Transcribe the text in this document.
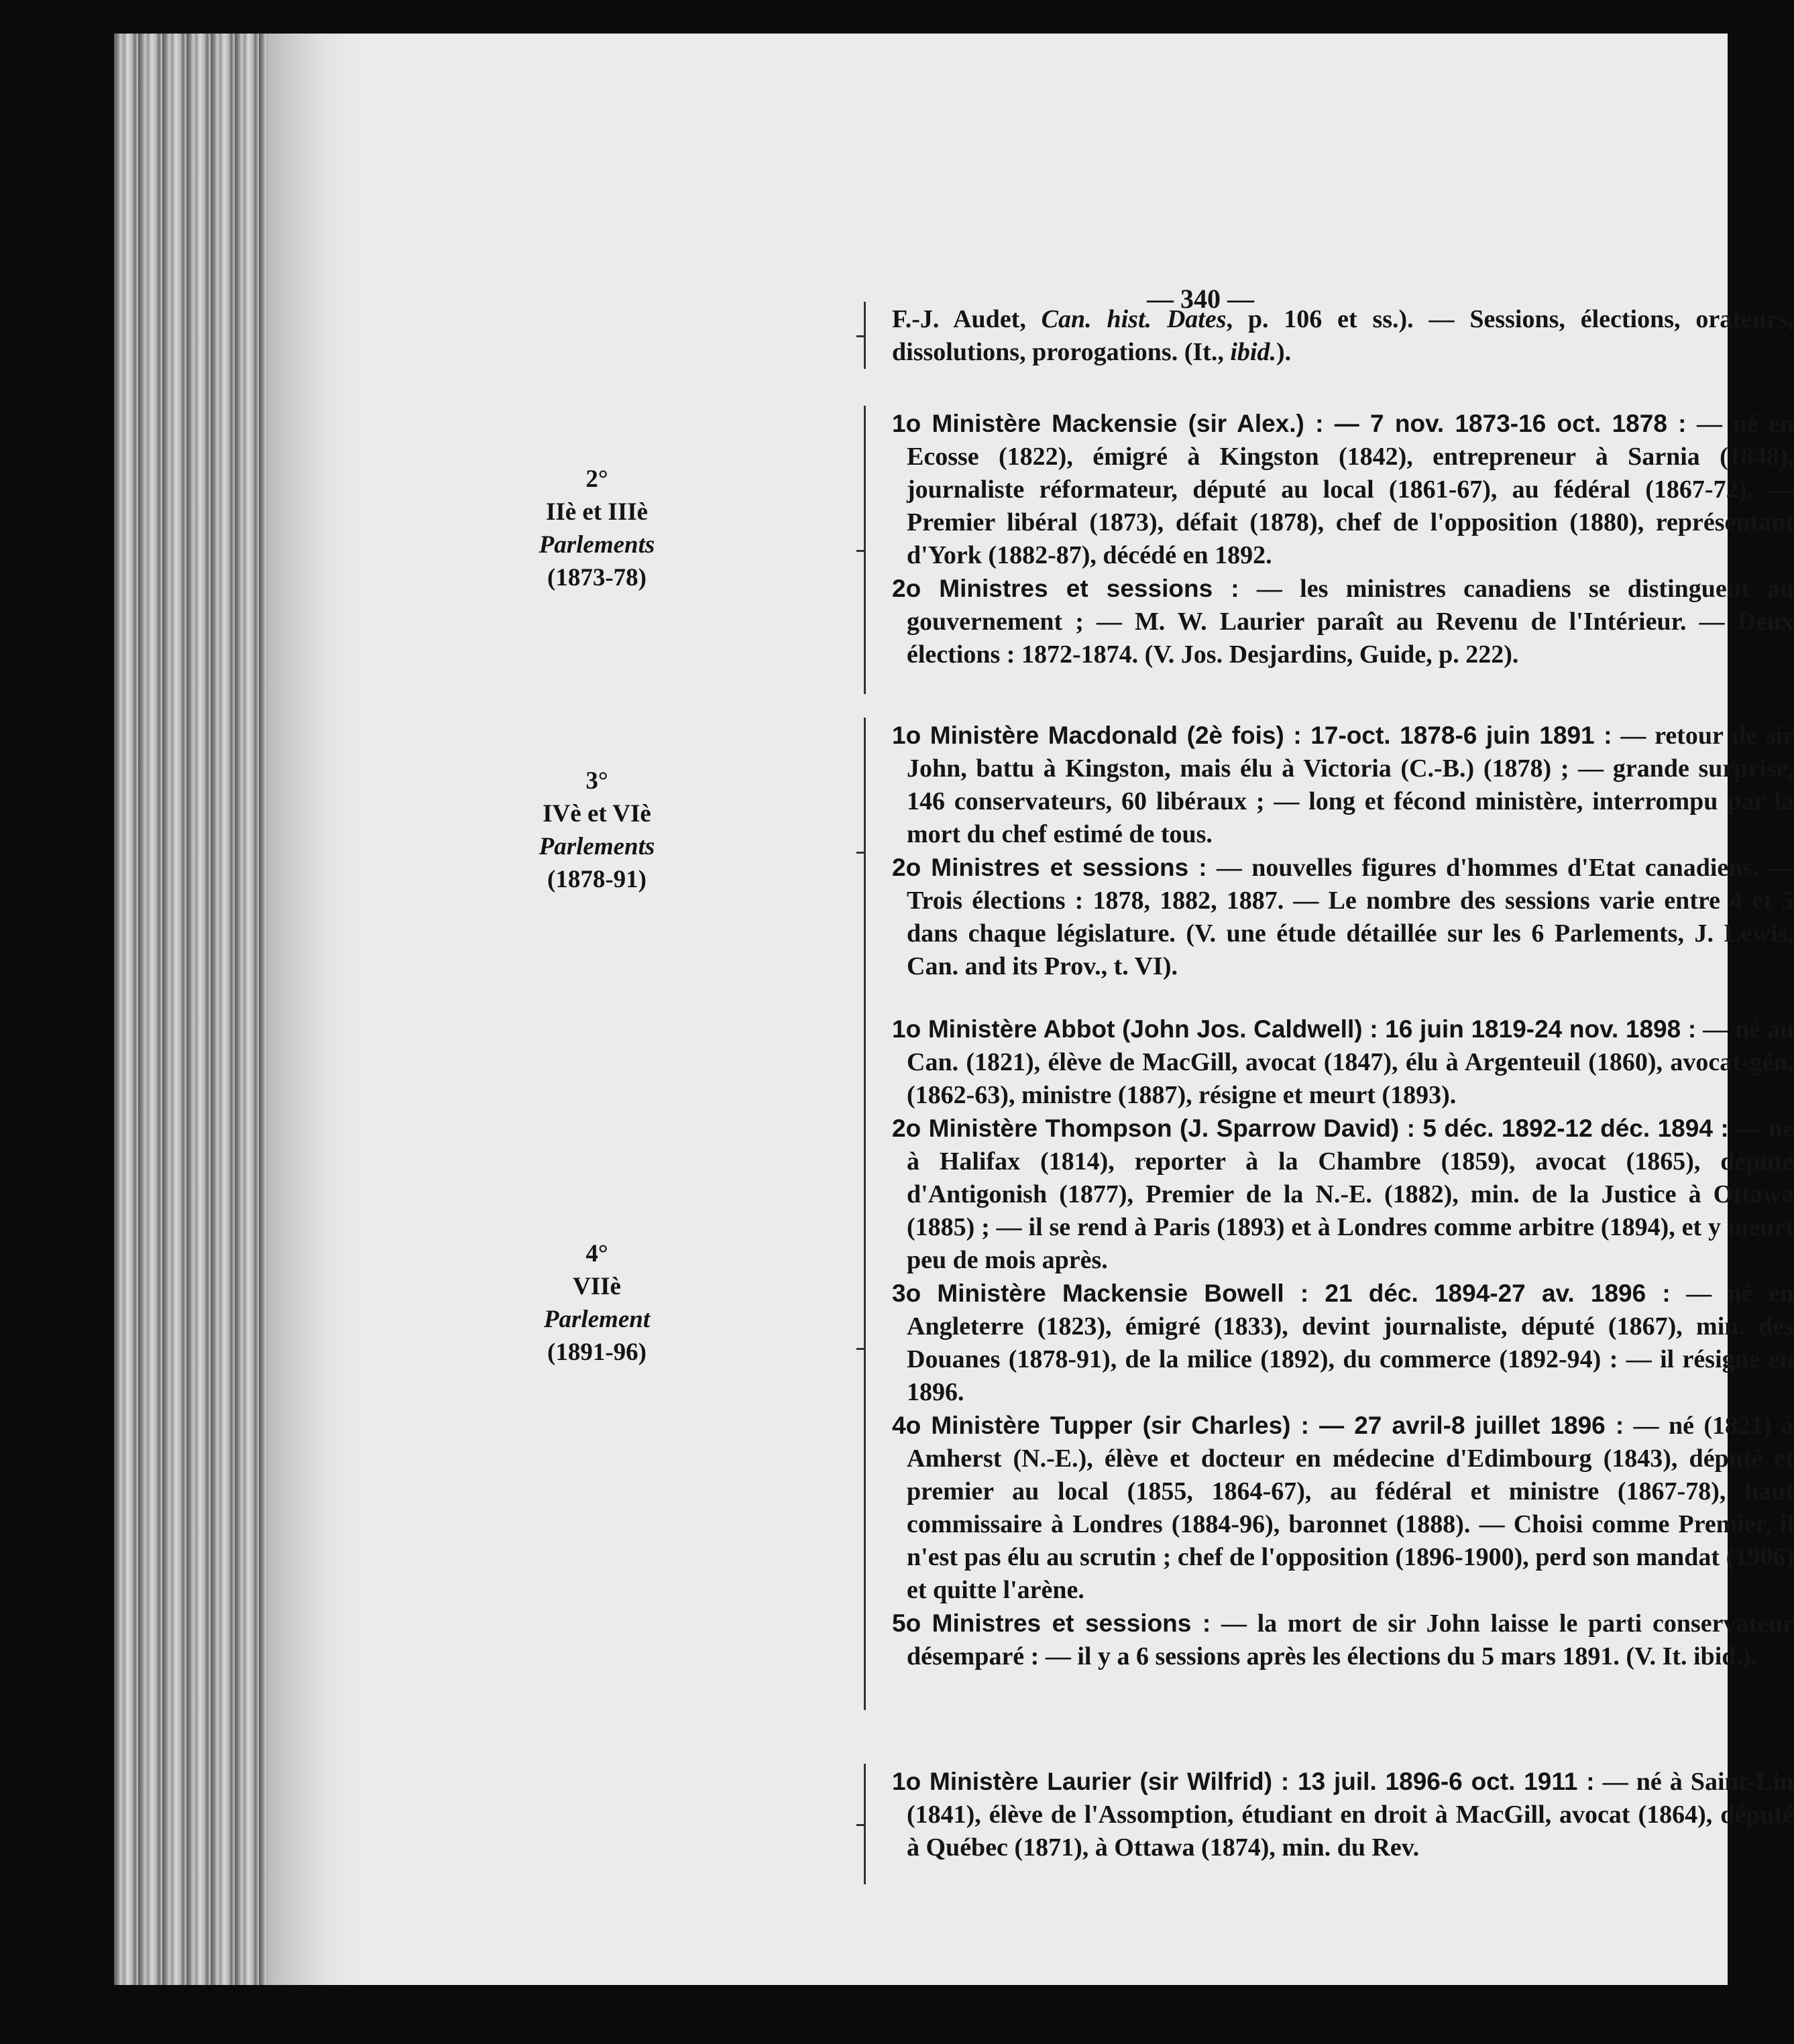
— 340 —

F.-J. Audet, Can. hist. Dates, p. 106 et ss.). — Sessions, élections, orateurs, dissolutions, prorogations. (It., ibid.).

2°
IIè et IIIè
Parlements
(1873-78)

1o Ministère Mackensie (sir Alex.) : — 7 nov. 1873-16 oct. 1878 : — né en Ecosse (1822), émigré à Kingston (1842), entrepreneur à Sarnia (1848), journaliste réformateur, député au local (1861-67), au fédéral (1867-72). — Premier libéral (1873), défait (1878), chef de l'opposition (1880), représentant d'York (1882-87), décédé en 1892.

2o Ministres et sessions : — les ministres canadiens se distinguent au gouvernement ; — M. W. Laurier paraît au Revenu de l'Intérieur. — Deux élections : 1872-1874. (V. Jos. Desjardins, Guide, p. 222).

3°
IVè et VIè
Parlements
(1878-91)

1o Ministère Macdonald (2è fois) : 17-oct. 1878-6 juin 1891 : — retour de sir John, battu à Kingston, mais élu à Victoria (C.-B.) (1878) ; — grande surprise, 146 conservateurs, 60 libéraux ; — long et fécond ministère, interrompu par la mort du chef estimé de tous.

2o Ministres et sessions : — nouvelles figures d'hommes d'Etat canadiens. — Trois élections : 1878, 1882, 1887. — Le nombre des sessions varie entre 4 et 5 dans chaque législature. (V. une étude détaillée sur les 6 Parlements, J. Lewis, Can. and its Prov., t. VI).

4°
VIIè
Parlement
(1891-96)

1o Ministère Abbot (John Jos. Caldwell) : 16 juin 1819-24 nov. 1898 : — né au Can. (1821), élève de MacGill, avocat (1847), élu à Argenteuil (1860), avocat-gén. (1862-63), ministre (1887), résigne et meurt (1893).

2o Ministère Thompson (J. Sparrow David) : 5 déc. 1892-12 déc. 1894 : — né à Halifax (1814), reporter à la Chambre (1859), avocat (1865), député d'Antigonish (1877), Premier de la N.-E. (1882), min. de la Justice à Ottawa (1885) ; — il se rend à Paris (1893) et à Londres comme arbitre (1894), et y meurt peu de mois après.

3o Ministère Mackensie Bowell : 21 déc. 1894-27 av. 1896 : — né en Angleterre (1823), émigré (1833), devint journaliste, député (1867), min. des Douanes (1878-91), de la milice (1892), du commerce (1892-94) : — il résigne en 1896.

4o Ministère Tupper (sir Charles) : — 27 avril-8 juillet 1896 : — né (1821) à Amherst (N.-E.), élève et docteur en médecine d'Edimbourg (1843), député et premier au local (1855, 1864-67), au fédéral et ministre (1867-78), haut commissaire à Londres (1884-96), baronnet (1888). — Choisi comme Premier, il n'est pas élu au scrutin ; chef de l'opposition (1896-1900), perd son mandat (1906) et quitte l'arène.

5o Ministres et sessions : — la mort de sir John laisse le parti conservateur désemparé : — il y a 6 sessions après les élections du 5 mars 1891. (V. It. ibid.).

1o Ministère Laurier (sir Wilfrid) : 13 juil. 1896-6 oct. 1911 : — né à Saint-Lin (1841), élève de l'Assomption, étudiant en droit à MacGill, avocat (1864), député à Québec (1871), à Ottawa (1874), min. du Rev.
